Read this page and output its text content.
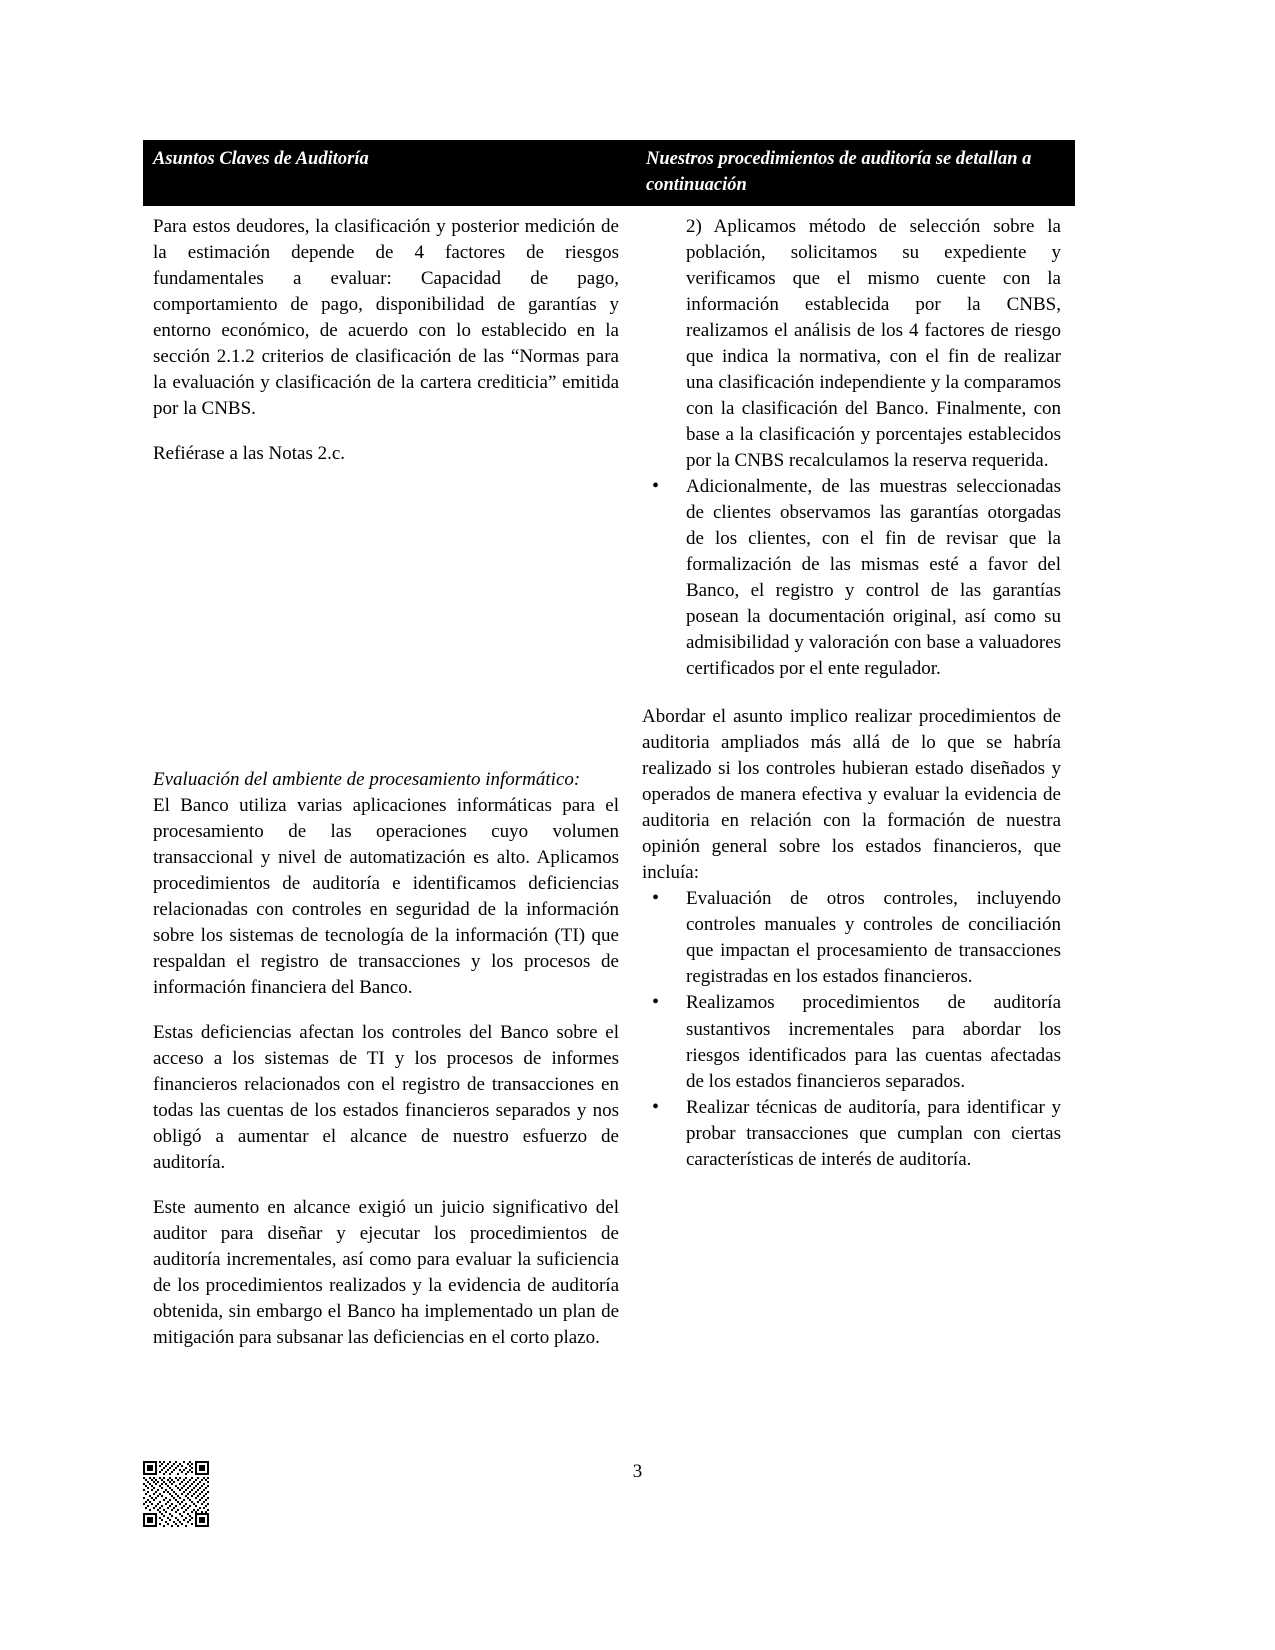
Asuntos Claves de Auditoría	Nuestros procedimientos de auditoría se detallan a continuación

Para estos deudores, la clasificación y posterior medición de la estimación depende de 4 factores de riesgos fundamentales a evaluar: Capacidad de pago, comportamiento de pago, disponibilidad de garantías y entorno económico, de acuerdo con lo establecido en la sección 2.1.2 criterios de clasificación de las “Normas para la evaluación y clasificación de la cartera crediticia” emitida por la CNBS.

Refiérase a las Notas 2.c.

Evaluación del ambiente de procesamiento informático:

El Banco utiliza varias aplicaciones informáticas para el procesamiento de las operaciones cuyo volumen transaccional y nivel de automatización es alto. Aplicamos procedimientos de auditoría e identificamos deficiencias relacionadas con controles en seguridad de la información sobre los sistemas de tecnología de la información (TI) que respaldan el registro de transacciones y los procesos de información financiera del Banco.

Estas deficiencias afectan los controles del Banco sobre el acceso a los sistemas de TI y los procesos de informes financieros relacionados con el registro de transacciones en todas las cuentas de los estados financieros separados y nos obligó a aumentar el alcance de nuestro esfuerzo de auditoría.

Este aumento en alcance exigió un juicio significativo del auditor para diseñar y ejecutar los procedimientos de auditoría incrementales, así como para evaluar la suficiencia de los procedimientos realizados y la evidencia de auditoría obtenida, sin embargo el Banco ha implementado un plan de mitigación para subsanar las deficiencias en el corto plazo.

2) Aplicamos método de selección sobre la población, solicitamos su expediente y verificamos que el mismo cuente con la información establecida por la CNBS, realizamos el análisis de los 4 factores de riesgo que indica la normativa, con el fin de realizar una clasificación independiente y la comparamos con la clasificación del Banco. Finalmente, con base a la clasificación y porcentajes establecidos por la CNBS recalculamos la reserva requerida.

• Adicionalmente, de las muestras seleccionadas de clientes observamos las garantías otorgadas de los clientes, con el fin de revisar que la formalización de las mismas esté a favor del Banco, el registro y control de las garantías posean la documentación original, así como su admisibilidad y valoración con base a valuadores certificados por el ente regulador.

Abordar el asunto implico realizar procedimientos de auditoria ampliados más allá de lo que se habría realizado si los controles hubieran estado diseñados y operados de manera efectiva y evaluar la evidencia de auditoria en relación con la formación de nuestra opinión general sobre los estados financieros, que incluía:

• Evaluación de otros controles, incluyendo controles manuales y controles de conciliación que impactan el procesamiento de transacciones registradas en los estados financieros.
• Realizamos procedimientos de auditoría sustantivos incrementales para abordar los riesgos identificados para las cuentas afectadas de los estados financieros separados.
• Realizar técnicas de auditoría, para identificar y probar transacciones que cumplan con ciertas características de interés de auditoría.
3
